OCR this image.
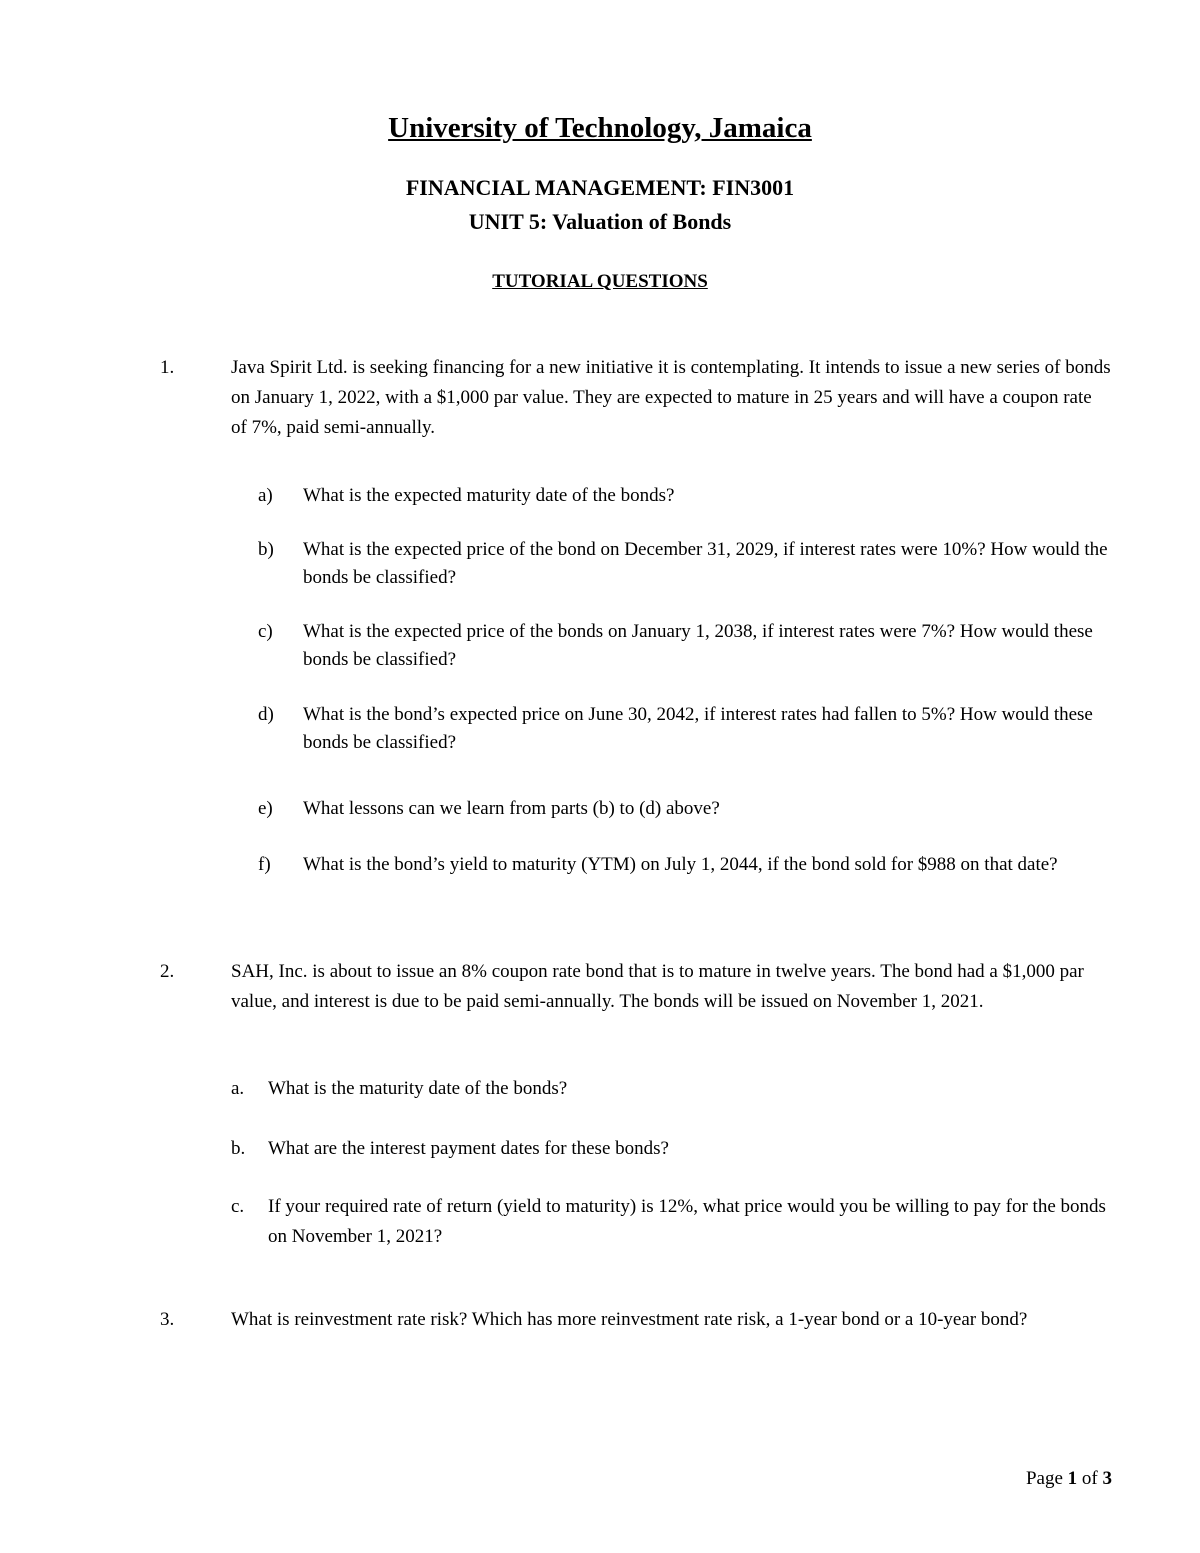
University of Technology, Jamaica
FINANCIAL MANAGEMENT: FIN3001
UNIT 5: Valuation of Bonds
TUTORIAL QUESTIONS
1.	Java Spirit Ltd. is seeking financing for a new initiative it is contemplating. It intends to issue a new series of bonds on January 1, 2022, with a $1,000 par value. They are expected to mature in 25 years and will have a coupon rate of 7%, paid semi-annually.
a) What is the expected maturity date of the bonds?
b) What is the expected price of the bond on December 31, 2029, if interest rates were 10%? How would the bonds be classified?
c) What is the expected price of the bonds on January 1, 2038, if interest rates were 7%? How would these bonds be classified?
d) What is the bond’s expected price on June 30, 2042, if interest rates had fallen to 5%? How would these bonds be classified?
e) What lessons can we learn from parts (b) to (d) above?
f) What is the bond’s yield to maturity (YTM) on July 1, 2044, if the bond sold for $988 on that date?
2.	SAH, Inc. is about to issue an 8% coupon rate bond that is to mature in twelve years. The bond had a $1,000 par value, and interest is due to be paid semi-annually. The bonds will be issued on November 1, 2021.
a. What is the maturity date of the bonds?
b. What are the interest payment dates for these bonds?
c. If your required rate of return (yield to maturity) is 12%, what price would you be willing to pay for the bonds on November 1, 2021?
3.	What is reinvestment rate risk? Which has more reinvestment rate risk, a 1-year bond or a 10-year bond?
Page 1 of 3
